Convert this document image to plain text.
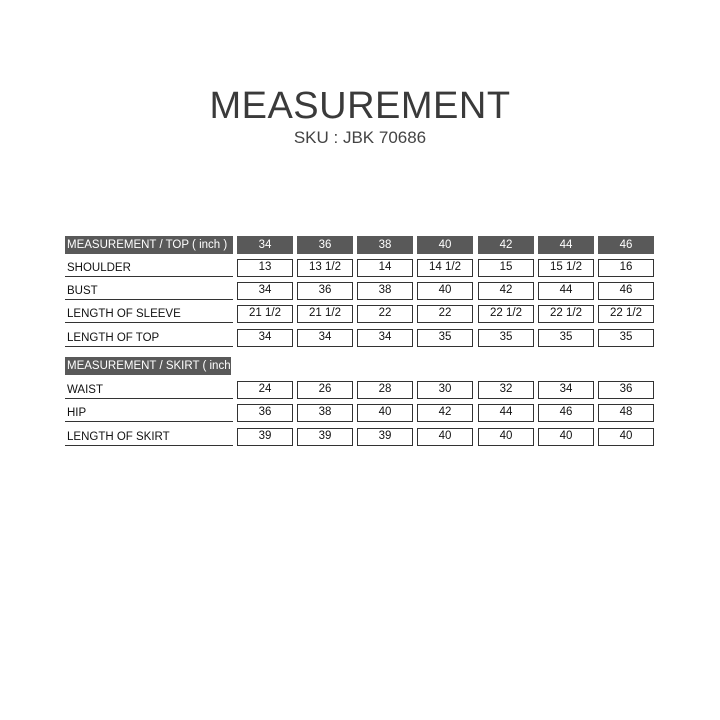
MEASUREMENT
SKU : JBK 70686
MEASUREMENT / TOP ( inch )	34	36	38	40	42	44	46
SHOULDER	13	13 1/2	14	14 1/2	15	15 1/2	16
BUST	34	36	38	40	42	44	46
LENGTH OF SLEEVE	21 1/2	21 1/2	22	22	22 1/2	22 1/2	22 1/2
LENGTH OF TOP	34	34	34	35	35	35	35
MEASUREMENT / SKIRT ( inch
WAIST	24	26	28	30	32	34	36
HIP	36	38	40	42	44	46	48
LENGTH OF SKIRT	39	39	39	40	40	40	40
